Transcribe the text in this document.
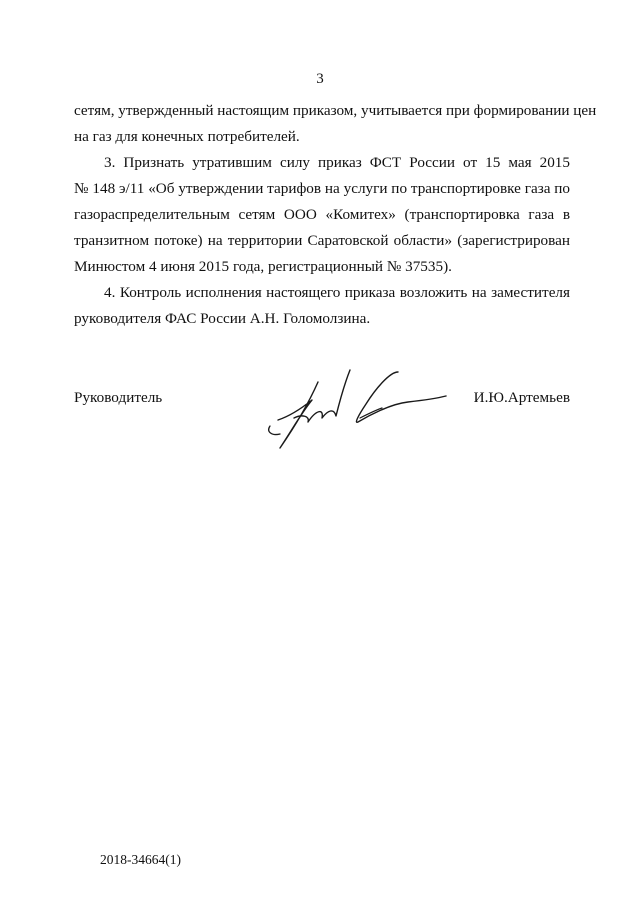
3
сетям, утвержденный настоящим приказом, учитывается при формировании цен
на газ для конечных потребителей.
3. Признать утратившим силу приказ ФСТ России от 15 мая 2015
№ 148 э/11 «Об утверждении тарифов на услуги по транспортировке газа по
газораспределительным сетям ООО «Комитех» (транспортировка газа в
транзитном потоке) на территории Саратовской области» (зарегистрирован
Минюстом 4 июня 2015 года, регистрационный № 37535).
4. Контроль исполнения настоящего приказа возложить на заместителя
руководителя ФАС России А.Н. Голомолзина.
Руководитель	И.Ю.Артемьев
2018-34664(1)
